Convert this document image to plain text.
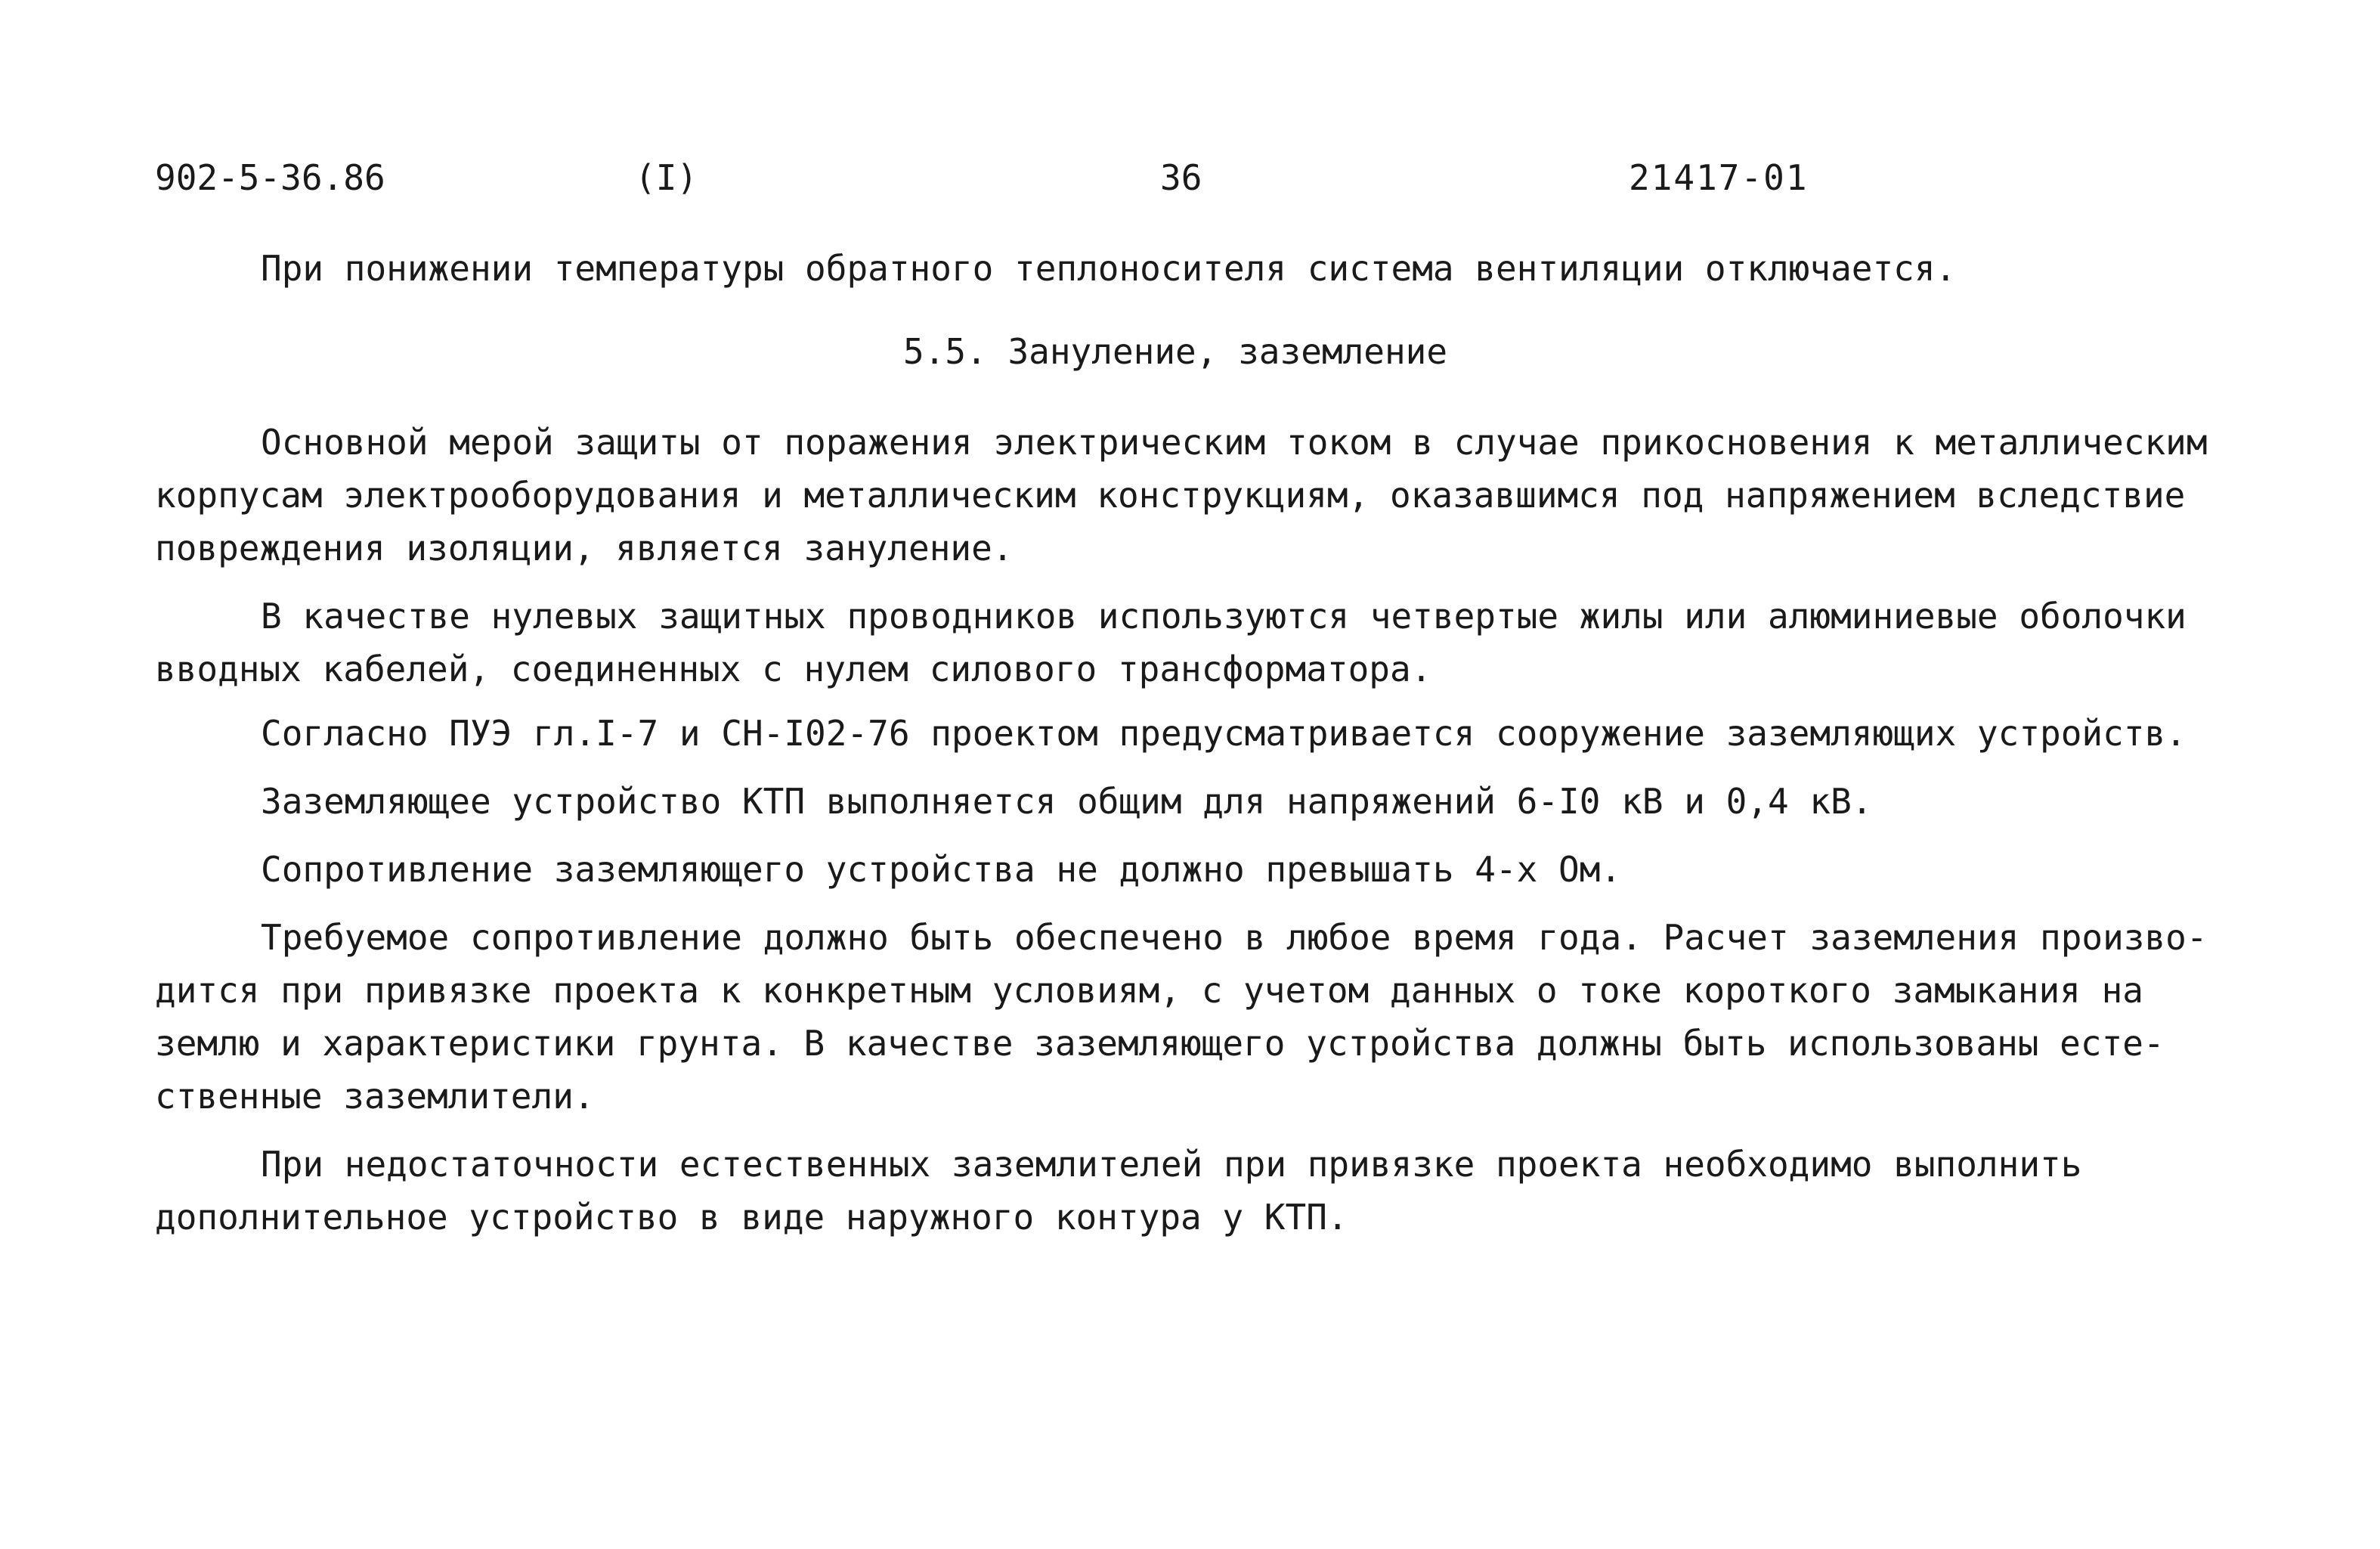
902-5-36.86	(I)	36	21417-01
При понижении температуры обратного теплоносителя система вентиляции отключается.
5.5. Зануление, заземление
Основной мерой защиты от поражения электрическим током в случае прикосновения к металлическим
корпусам электрооборудования и металлическим конструкциям, оказавшимся под напряжением вследствие
повреждения изоляции, является зануление.
В качестве нулевых защитных проводников используются четвертые жилы или алюминиевые оболочки
вводных кабелей, соединенных с нулем силового трансформатора.
Согласно ПУЭ гл.I-7 и СН-I02-76 проектом предусматривается сооружение заземляющих устройств.
Заземляющее устройство КТП выполняется общим для напряжений 6-I0 кВ и 0,4 кВ.
Сопротивление заземляющего устройства не должно превышать 4-х Ом.
Требуемое сопротивление должно быть обеспечено в любое время года. Расчет заземления произво-
дится при привязке проекта к конкретным условиям, с учетом данных о токе короткого замыкания на
землю и характеристики грунта. В качестве заземляющего устройства должны быть использованы есте-
ственные заземлители.
При недостаточности естественных заземлителей при привязке проекта необходимо выполнить
дополнительное устройство в виде наружного контура у КТП.
